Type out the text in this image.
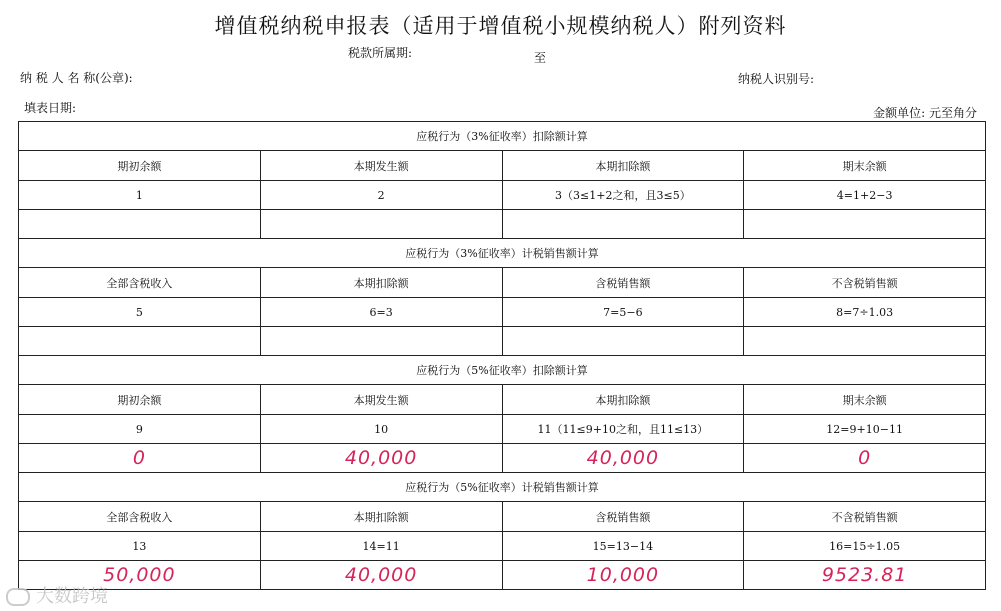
增值税纳税申报表（适用于增值税小规模纳税人）附列资料
税款所属期:	至
纳 税 人 名 称(公章):	纳税人识别号:
填表日期:	金额单位: 元至角分
应税行为（3%征收率）扣除额计算			
期初余额	本期发生额	本期扣除额	期末余额
1	2	3（3≤1+2之和，且3≤5）	4=1+2−3

应税行为（3%征收率）计税销售额计算			
全部含税收入	本期扣除额	含税销售额	不含税销售额
5	6=3	7=5−6	8=7÷1.03

应税行为（5%征收率）扣除额计算			
期初余额	本期发生额	本期扣除额	期末余额
9	10	11（11≤9+10之和，且11≤13）	12=9+10−11
0	40,000	40,000	0
应税行为（5%征收率）计税销售额计算			
全部含税收入	本期扣除额	含税销售额	不含税销售额
13	14=11	15=13−14	16=15÷1.05
50,000	40,000	10,000	9523.81
大数跨境
